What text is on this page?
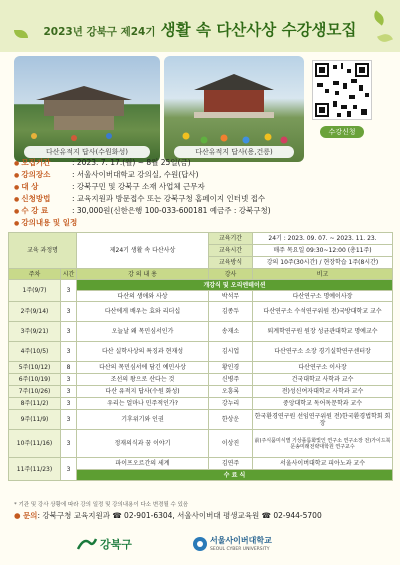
2023년 강북구 제24기 생활 속 다산사상 수강생모집
다산유적지 답사(수원화성)	다산유적지 답사(용,건릉)
수강신청
● 모집기간	: 2023. 7. 17.(월) ~ 8월 25일(금)
● 강의장소	: 서울사이버대학교 강의실, 수원(답사)
● 대 상	: 강북구민 및 강북구 소재 사업체 근무자
● 신청방법	: 교육지원과 방문접수 또는 강북구청 홈페이지 인터넷 접수
● 수 강 료	: 30,000원(신한은행 100-033-600181 예금주 : 강북구청)
● 강의내용 및 일정
교육 과정명		제24기 생활 속 다산사상	교육기간	24기 : 2023. 09. 07. ~ 2023. 11. 23.
			교육시간	매주 목요일 09:30~12:00 (총11주)
			교육방식	강의 10주(30시간) / 현장학습 1주(8시간)
주차	시간	강 의 내 용	강사	비고
1주(9/7)	3	개강식 및 오리엔테이션		
		다산의 생애와 사상	박석무	다산연구소 명예이사장
2주(9/14)	3	다산에게 배우는 효와 리더십	김종두	다산연구소 수석연구위원 전)국방대학교 교수
3주(9/21)	3	오늘날 왜 목민심서인가	송재소	퇴계학연구원 원장 성균관대학교 명예교수
4주(10/5)	3	다산 실학사상의 특징과 현재성	김시업	다산연구소 소장 경기실학연구센터장
5주(10/12)	8	다산의 목민심서에 담긴 예민사상	황인경	다산연구소 이사장
6주(10/19)	3	조선의 왕으로 산다는 것	신병주	건국대학교 사학과 교수
7주(10/26)	3	다산 유적지 답사(수원 화성)	오흥록	전)성신여자대학교 사학과 교수
8주(11/2)	3	우리는 얼마나 민주적인가?	강누리	중앙대학교 독어독문학과 교수
9주(11/9)	3	기후위기와 인권	한상운	한국환경연구원 선임연구위원 전)한국환경법학회 회장
10주(11/16)	3	정재의식과 꿈 이야기	이상진	前)주식품미식별 기상플룸화빛인 연구소 연구소장 전)가이드북 문송미래전략대학원 연구교수
11주(11/23)	3	파이프오르간의 세계	김연주	서울사이버대학교 피아노과 교수
		수 료 식		
* 기관 및 강사 상황에 따라 강의 일정 및 강의내용이 다소 변경될 수 있음
● 문의: 강북구청 교육지원과 ☎ 02-901-6304, 서울사이버대 평생교육원 ☎ 02-944-5700
강북구	서울사이버대학교
SEOUL CYBER UNIVERSITY
